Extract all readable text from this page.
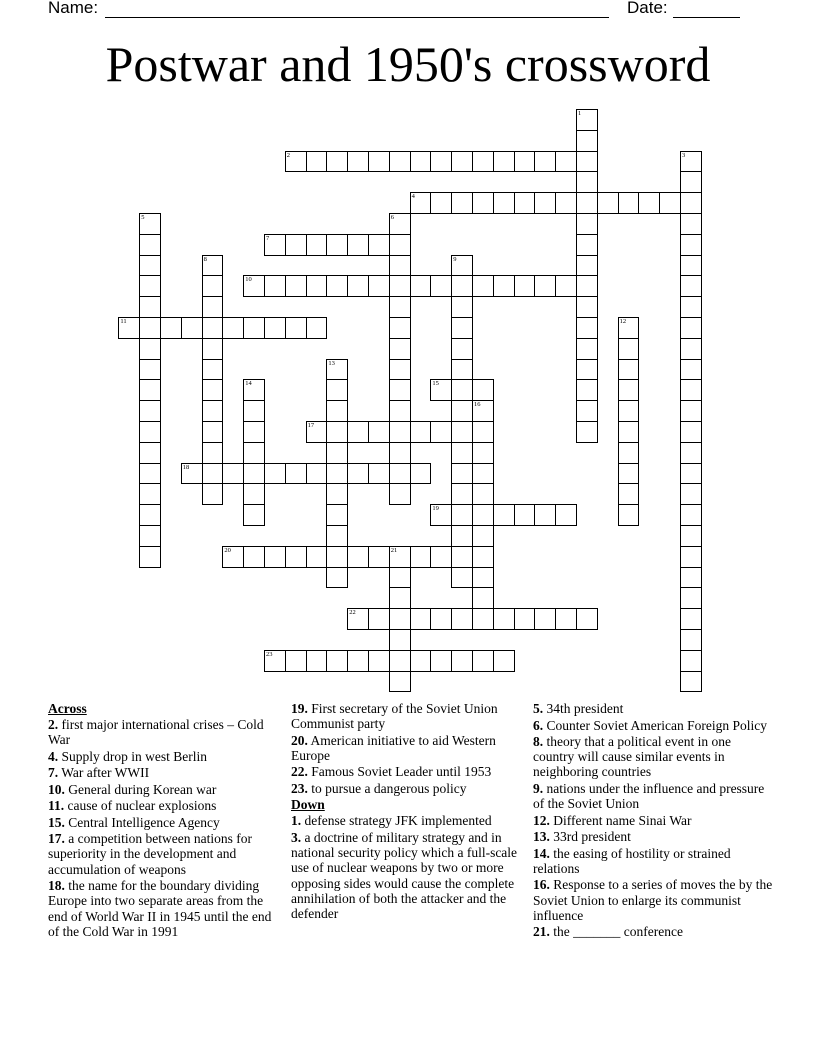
Name:	Date:
Postwar and 1950's crossword
1
2	3
4
5	6
7
8	9
10
11	12
13
14	15
16
17
18
19
20	21
22
23
Across
2. first major international crises – Cold War
4. Supply drop in west Berlin
7. War after WWII
10. General during Korean war
11. cause of nuclear explosions
15. Central Intelligence Agency
17. a competition between nations for superiority in the development and accumulation of weapons
18. the name for the boundary dividing Europe into two separate areas from the end of World War II in 1945 until the end of the Cold War in 1991
19. First secretary of the Soviet Union Communist party
20. American initiative to aid Western Europe
22. Famous Soviet Leader until 1953
23. to pursue a dangerous policy
Down
1. defense strategy JFK implemented
3. a doctrine of military strategy and in national security policy which a full-scale use of nuclear weapons by two or more opposing sides would cause the complete annihilation of both the attacker and the defender
5. 34th president
6. Counter Soviet American Foreign Policy
8. theory that a political event in one country will cause similar events in neighboring countries
9. nations under the influence and pressure of the Soviet Union
12. Different name Sinai War
13. 33rd president
14. the easing of hostility or strained relations
16. Response to a series of moves the by the Soviet Union to enlarge its communist influence
21. the _______ conference
